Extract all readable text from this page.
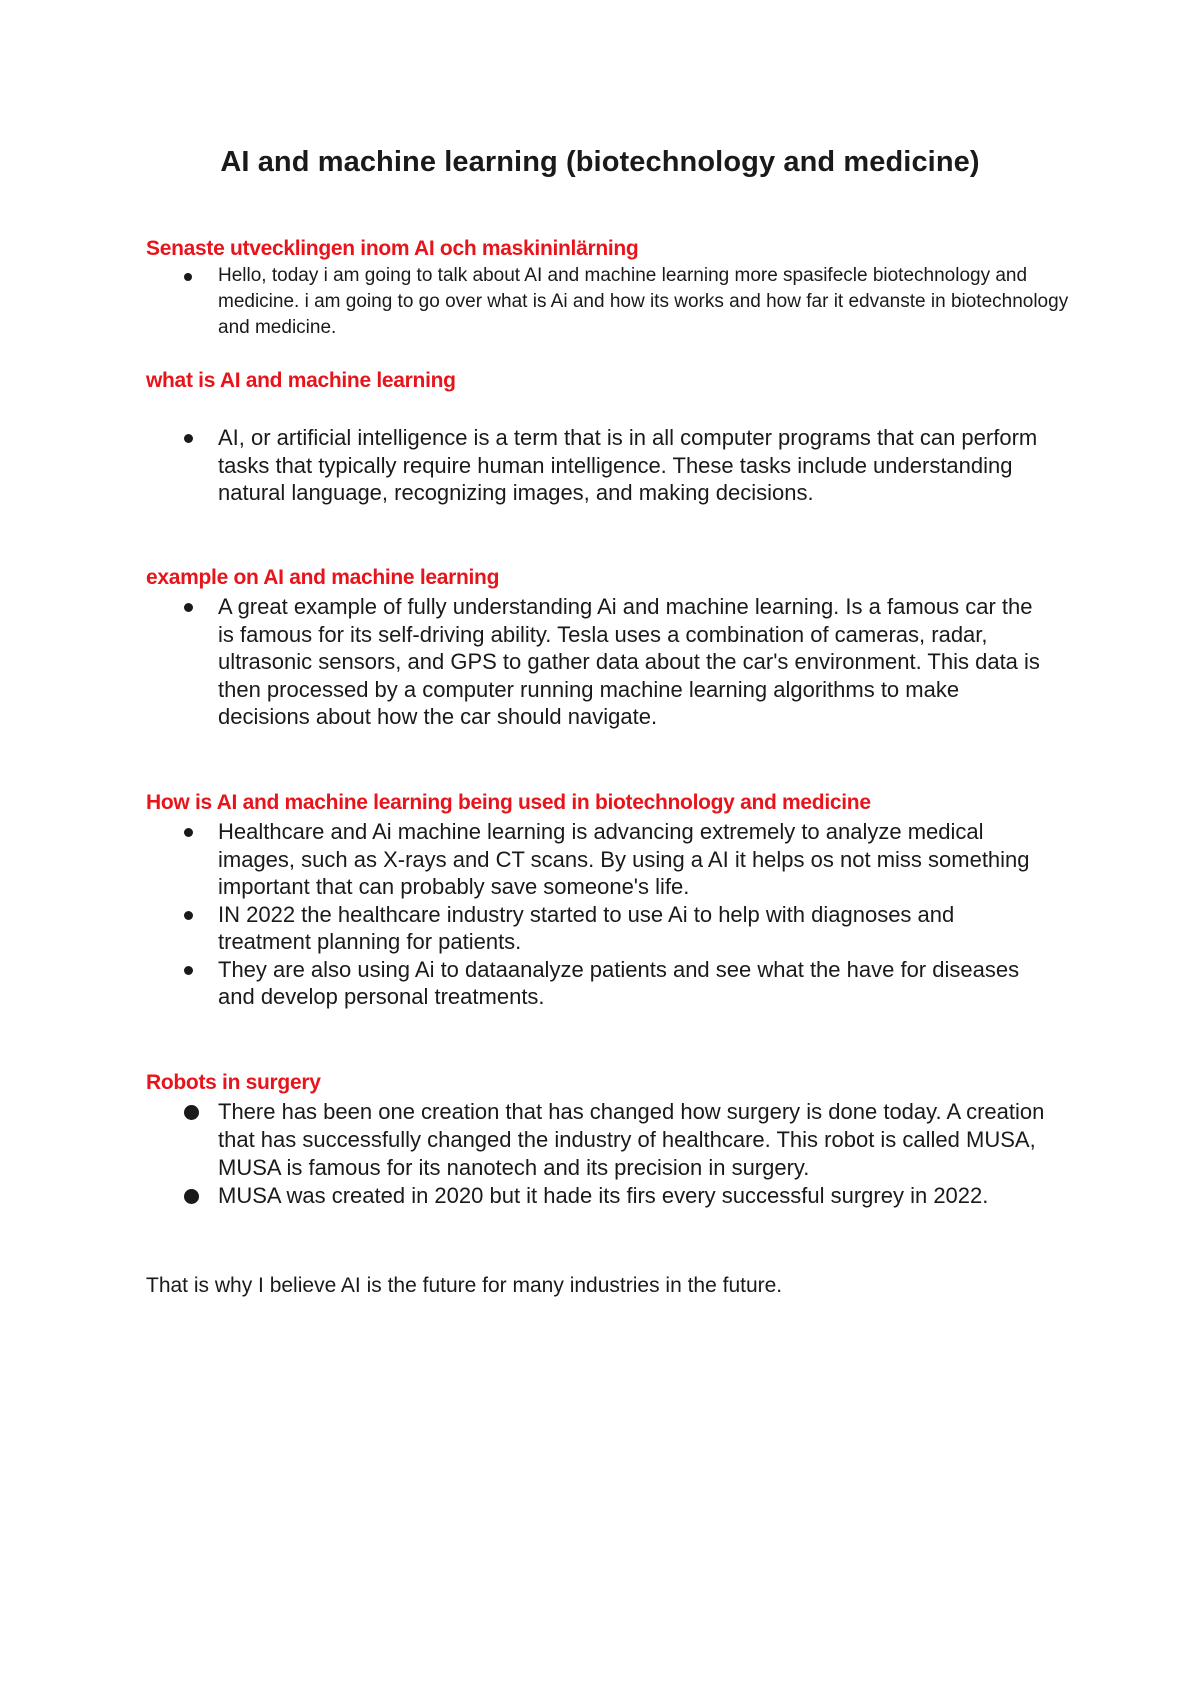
AI and machine learning (biotechnology and medicine)
Senaste utvecklingen inom AI och maskininlärning
Hello, today i am going to talk about AI and machine learning more spasifecle biotechnology and medicine. i am going to go over what is Ai and how its works and how far it edvanste in biotechnology and medicine.
what is AI and machine learning
AI, or artificial intelligence is a term that is in all computer programs that can perform tasks that typically require human intelligence. These tasks include understanding natural language, recognizing images, and making decisions.
example on AI and machine learning
A great example of fully understanding Ai and machine learning. Is a famous car the is famous for its self-driving ability. Tesla uses a combination of cameras, radar, ultrasonic sensors, and GPS to gather data about the car's environment. This data is then processed by a computer running machine learning algorithms to make decisions about how the car should navigate.
How is AI and machine learning being used in biotechnology and medicine
Healthcare and Ai machine learning is advancing extremely to analyze medical images, such as X-rays and CT scans. By using a AI it helps os not miss something important that can probably save someone's life.
IN 2022 the healthcare industry started to use Ai to help with diagnoses and treatment planning for patients.
They are also using Ai to dataanalyze patients and see what the have for diseases and develop personal treatments.
Robots in surgery
There has been one creation that has changed how surgery is done today. A creation that has successfully changed the industry of healthcare. This robot is called MUSA, MUSA is famous for its nanotech and its precision in surgery.
MUSA was created in 2020 but it hade its firs every successful surgrey in 2022.
That is why I believe AI is the future for many industries in the future.
